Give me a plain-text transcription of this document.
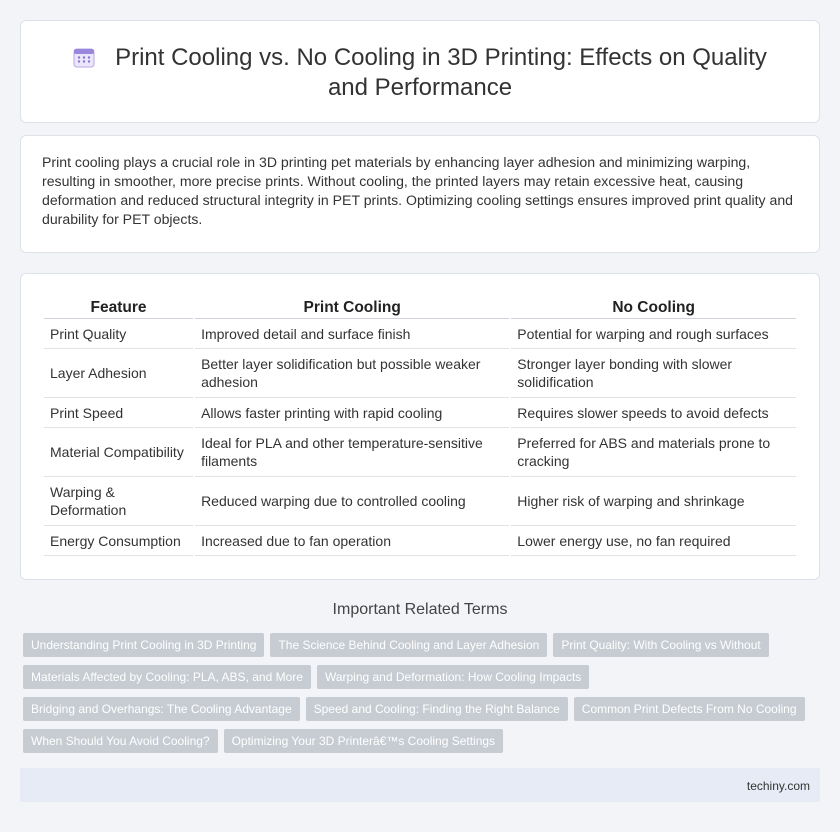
Print Cooling vs. No Cooling in 3D Printing: Effects on Quality and Performance

Print cooling plays a crucial role in 3D printing pet materials by enhancing layer adhesion and minimizing warping, resulting in smoother, more precise prints. Without cooling, the printed layers may retain excessive heat, causing deformation and reduced structural integrity in PET prints. Optimizing cooling settings ensures improved print quality and durability for PET objects.

Feature	Print Cooling	No Cooling
Print Quality	Improved detail and surface finish	Potential for warping and rough surfaces
Layer Adhesion	Better layer solidification but possible weaker adhesion	Stronger layer bonding with slower solidification
Print Speed	Allows faster printing with rapid cooling	Requires slower speeds to avoid defects
Material Compatibility	Ideal for PLA and other temperature-sensitive filaments	Preferred for ABS and materials prone to cracking
Warping & Deformation	Reduced warping due to controlled cooling	Higher risk of warping and shrinkage
Energy Consumption	Increased due to fan operation	Lower energy use, no fan required
Important Related Terms
Understanding Print Cooling in 3D Printing	The Science Behind Cooling and Layer Adhesion	Print Quality: With Cooling vs Without
Materials Affected by Cooling: PLA, ABS, and More	Warping and Deformation: How Cooling Impacts
Bridging and Overhangs: The Cooling Advantage	Speed and Cooling: Finding the Right Balance	Common Print Defects From No Cooling
When Should You Avoid Cooling?	Optimizing Your 3D Printerâ€™s Cooling Settings
techiny.com
